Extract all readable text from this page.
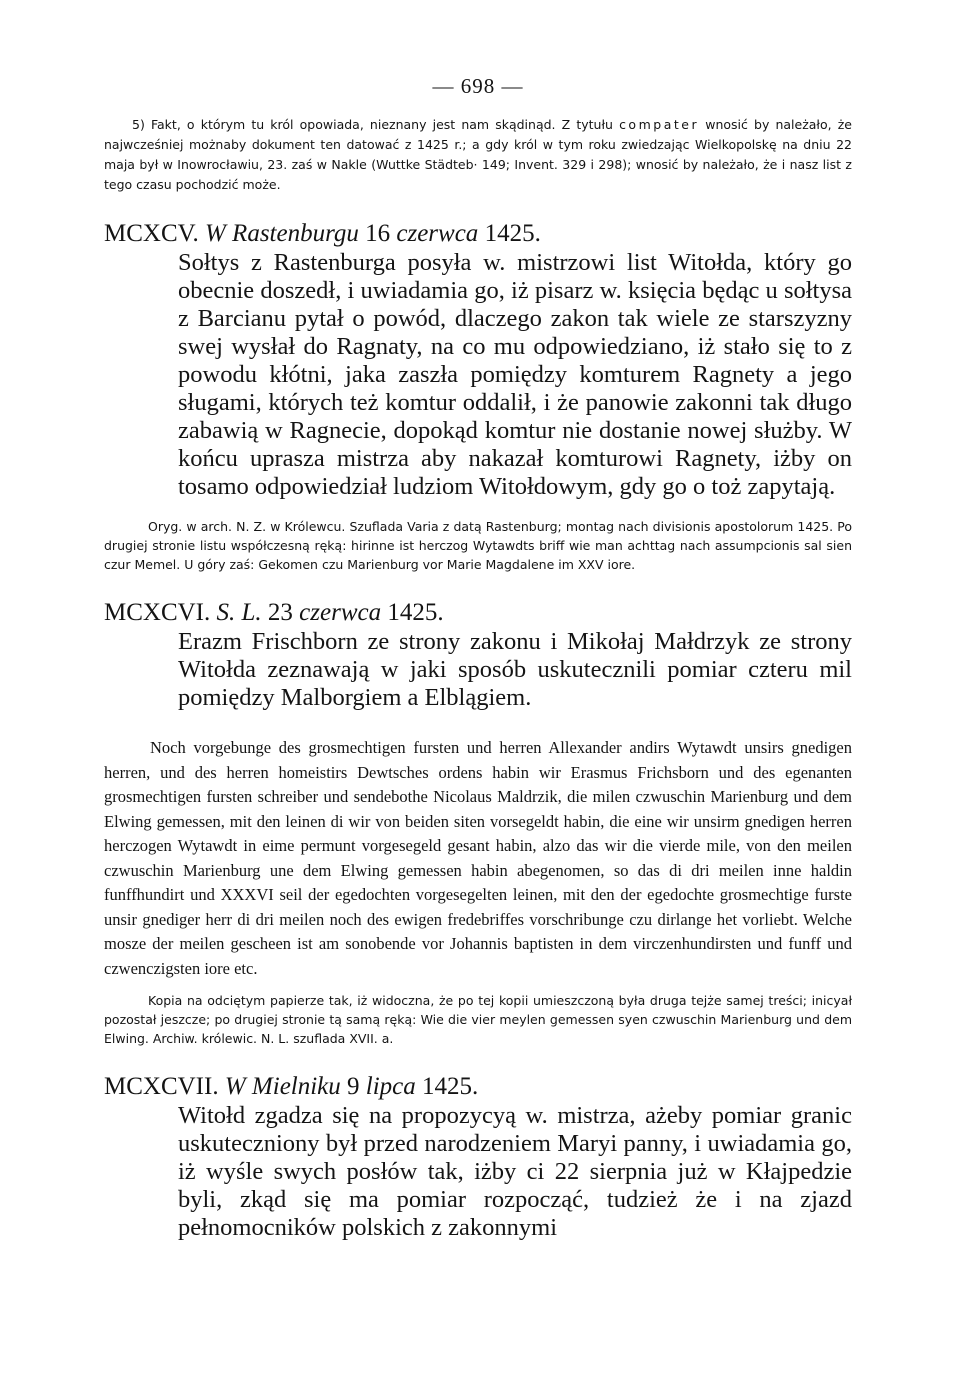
— 698 —

5) Fakt, o którym tu król opowiada, nieznany jest nam skądinąd. Z tytułu compater wnosić by należało, że najwcześniej możnaby dokument ten datować z 1425 r.; a gdy król w tym roku zwiedzając Wielkopolskę na dniu 22 maja był w Inowrocławiu, 23. zaś w Nakle (Wuttke Städteb· 149; Invent. 329 i 298); wnosić by należało, że i nasz list z tego czasu pochodzić może.

MCXCV. W Rastenburgu 16 czerwca 1425.

Sołtys z Rastenburga posyła w. mistrzowi list Witołda, który go obecnie doszedł, i uwiadamia go, iż pisarz w. księcia będąc u sołtysa z Barcianu pytał o powód, dlaczego zakon tak wiele ze starszyzny swej wysłał do Ragnaty, na co mu odpowiedziano, iż stało się to z powodu kłótni, jaka zaszła pomiędzy komturem Ragnety a jego sługami, których też komtur oddalił, i że panowie zakonni tak długo zabawią w Ragnecie, dopokąd komtur nie dostanie nowej służby. W końcu uprasza mistrza aby nakazał komturowi Ragnety, iżby on tosamo odpowiedział ludziom Witołdowym, gdy go o toż zapytają.

Oryg. w arch. N. Z. w Królewcu. Szuflada Varia z datą Rastenburg; montag nach divisionis apostolorum 1425. Po drugiej stronie listu współczesną ręką: hirinne ist herczog Wytawdts briff wie man achttag nach assumpcionis sal sien czur Memel. U góry zaś: Gekomen czu Marienburg vor Marie Magdalene im XXV iore.

MCXCVI. S. L. 23 czerwca 1425.

Erazm Frischborn ze strony zakonu i Mikołaj Małdrzyk ze strony Witołda zeznawają w jaki sposób uskutecznili pomiar czteru mil pomiędzy Malborgiem a Elblągiem.

Noch vorgebunge des grosmechtigen fursten und herren Allexander andirs Wytawdt unsirs gnedigen herren, und des herren homeistirs Dewtsches ordens habin wir Erasmus Frichsborn und des egenanten grosmechtigen fursten schreiber und sendebothe Nicolaus Maldrzik, die milen czwuschin Marienburg und dem Elwing gemessen, mit den leinen di wir von beiden siten vorsegeldt habin, die eine wir unsirm gnedigen herren herczogen Wytawdt in eime permunt vorgesegeld gesant habin, alzo das wir die vierde mile, von den meilen czwuschin Marienburg une dem Elwing gemessen habin abegenomen, so das di dri meilen inne haldin funffhundirt und XXXVI seil der egedochten vorgesegelten leinen, mit den der egedochte grosmechtige furste unsir gnediger herr di dri meilen noch des ewigen fredebriffes vorschribunge czu dirlange het vorliebt. Welche mosze der meilen gescheen ist am sonobende vor Johannis baptisten in dem virczenhundirsten und funff und czwenczigsten iore etc.

Kopia na odciętym papierze tak, iż widoczna, że po tej kopii umieszczoną była druga tejże samej treści; inicyał pozostał jeszcze; po drugiej stronie tą samą ręką: Wie die vier meylen gemessen syen czwuschin Marienburg und dem Elwing. Archiw. królewic. N. L. szuflada XVII. a.

MCXCVII. W Mielniku 9 lipca 1425.

Witołd zgadza się na propozycyą w. mistrza, ażeby pomiar granic uskuteczniony był przed narodzeniem Maryi panny, i uwiadamia go, iż wyśle swych posłów tak, iżby ci 22 sierpnia już w Kłajpedzie byli, zkąd się ma pomiar rozpocząć, tudzież że i na zjazd pełnomocników polskich z zakonnymi
